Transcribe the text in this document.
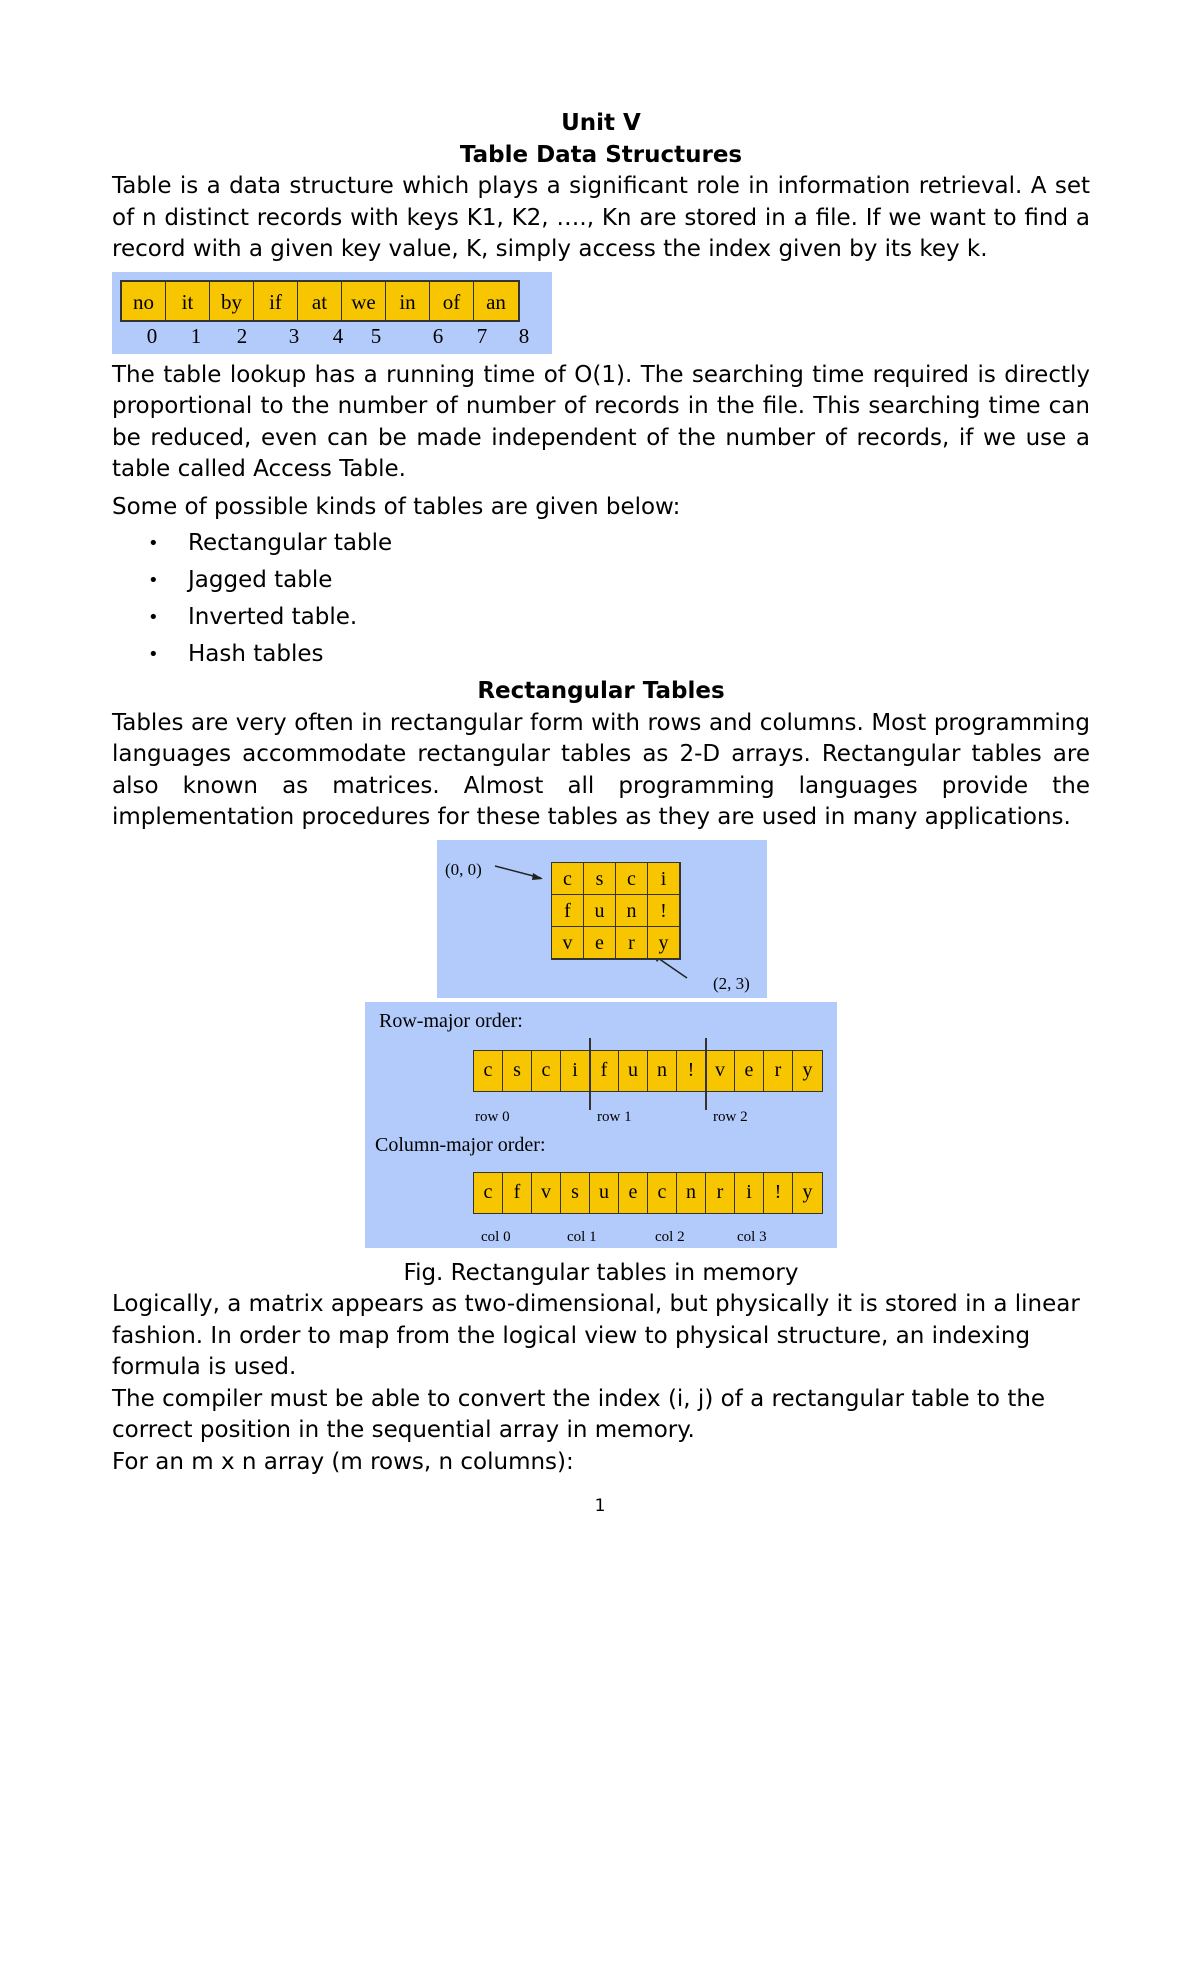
Unit V

Table Data Structures

Table is a data structure which plays a significant role in information retrieval. A set of n distinct records with keys K1, K2, …., Kn are stored in a file. If we want to find a record with a given key value, K, simply access the index given by its key k.

no	it	by	if	at	we	in	of	an
0 1 2 3 4 5 6 7 8

The table lookup has a running time of O(1). The searching time required is directly proportional to the number of number of records in the file. This searching time can be reduced, even can be made independent of the number of records, if we use a table called Access Table.

Some of possible kinds of tables are given below:

• Rectangular table
• Jagged table
• Inverted table.
• Hash tables

Rectangular Tables

Tables are very often in rectangular form with rows and columns. Most programming languages accommodate rectangular tables as 2-D arrays. Rectangular tables are also known as matrices. Almost all programming languages provide the implementation procedures for these tables as they are used in many applications.

(0, 0)	c	s	c	i
f	u	n	!
v	e	r	y
(2, 3)
Row-major order:
c	s	c	i	f	u n	!	v e	r	y
row 0	row 1	row 2
Column-major order:
c	f	v	s	u e	c n	r	i	!	y
col 0	col 1	col 2	col 3

Fig. Rectangular tables in memory

Logically, a matrix appears as two-dimensional, but physically it is stored in a linear fashion. In order to map from the logical view to physical structure, an indexing formula is used.

The compiler must be able to convert the index (i, j) of a rectangular table to the correct position in the sequential array in memory.

For an m x n array (m rows, n columns):

1
